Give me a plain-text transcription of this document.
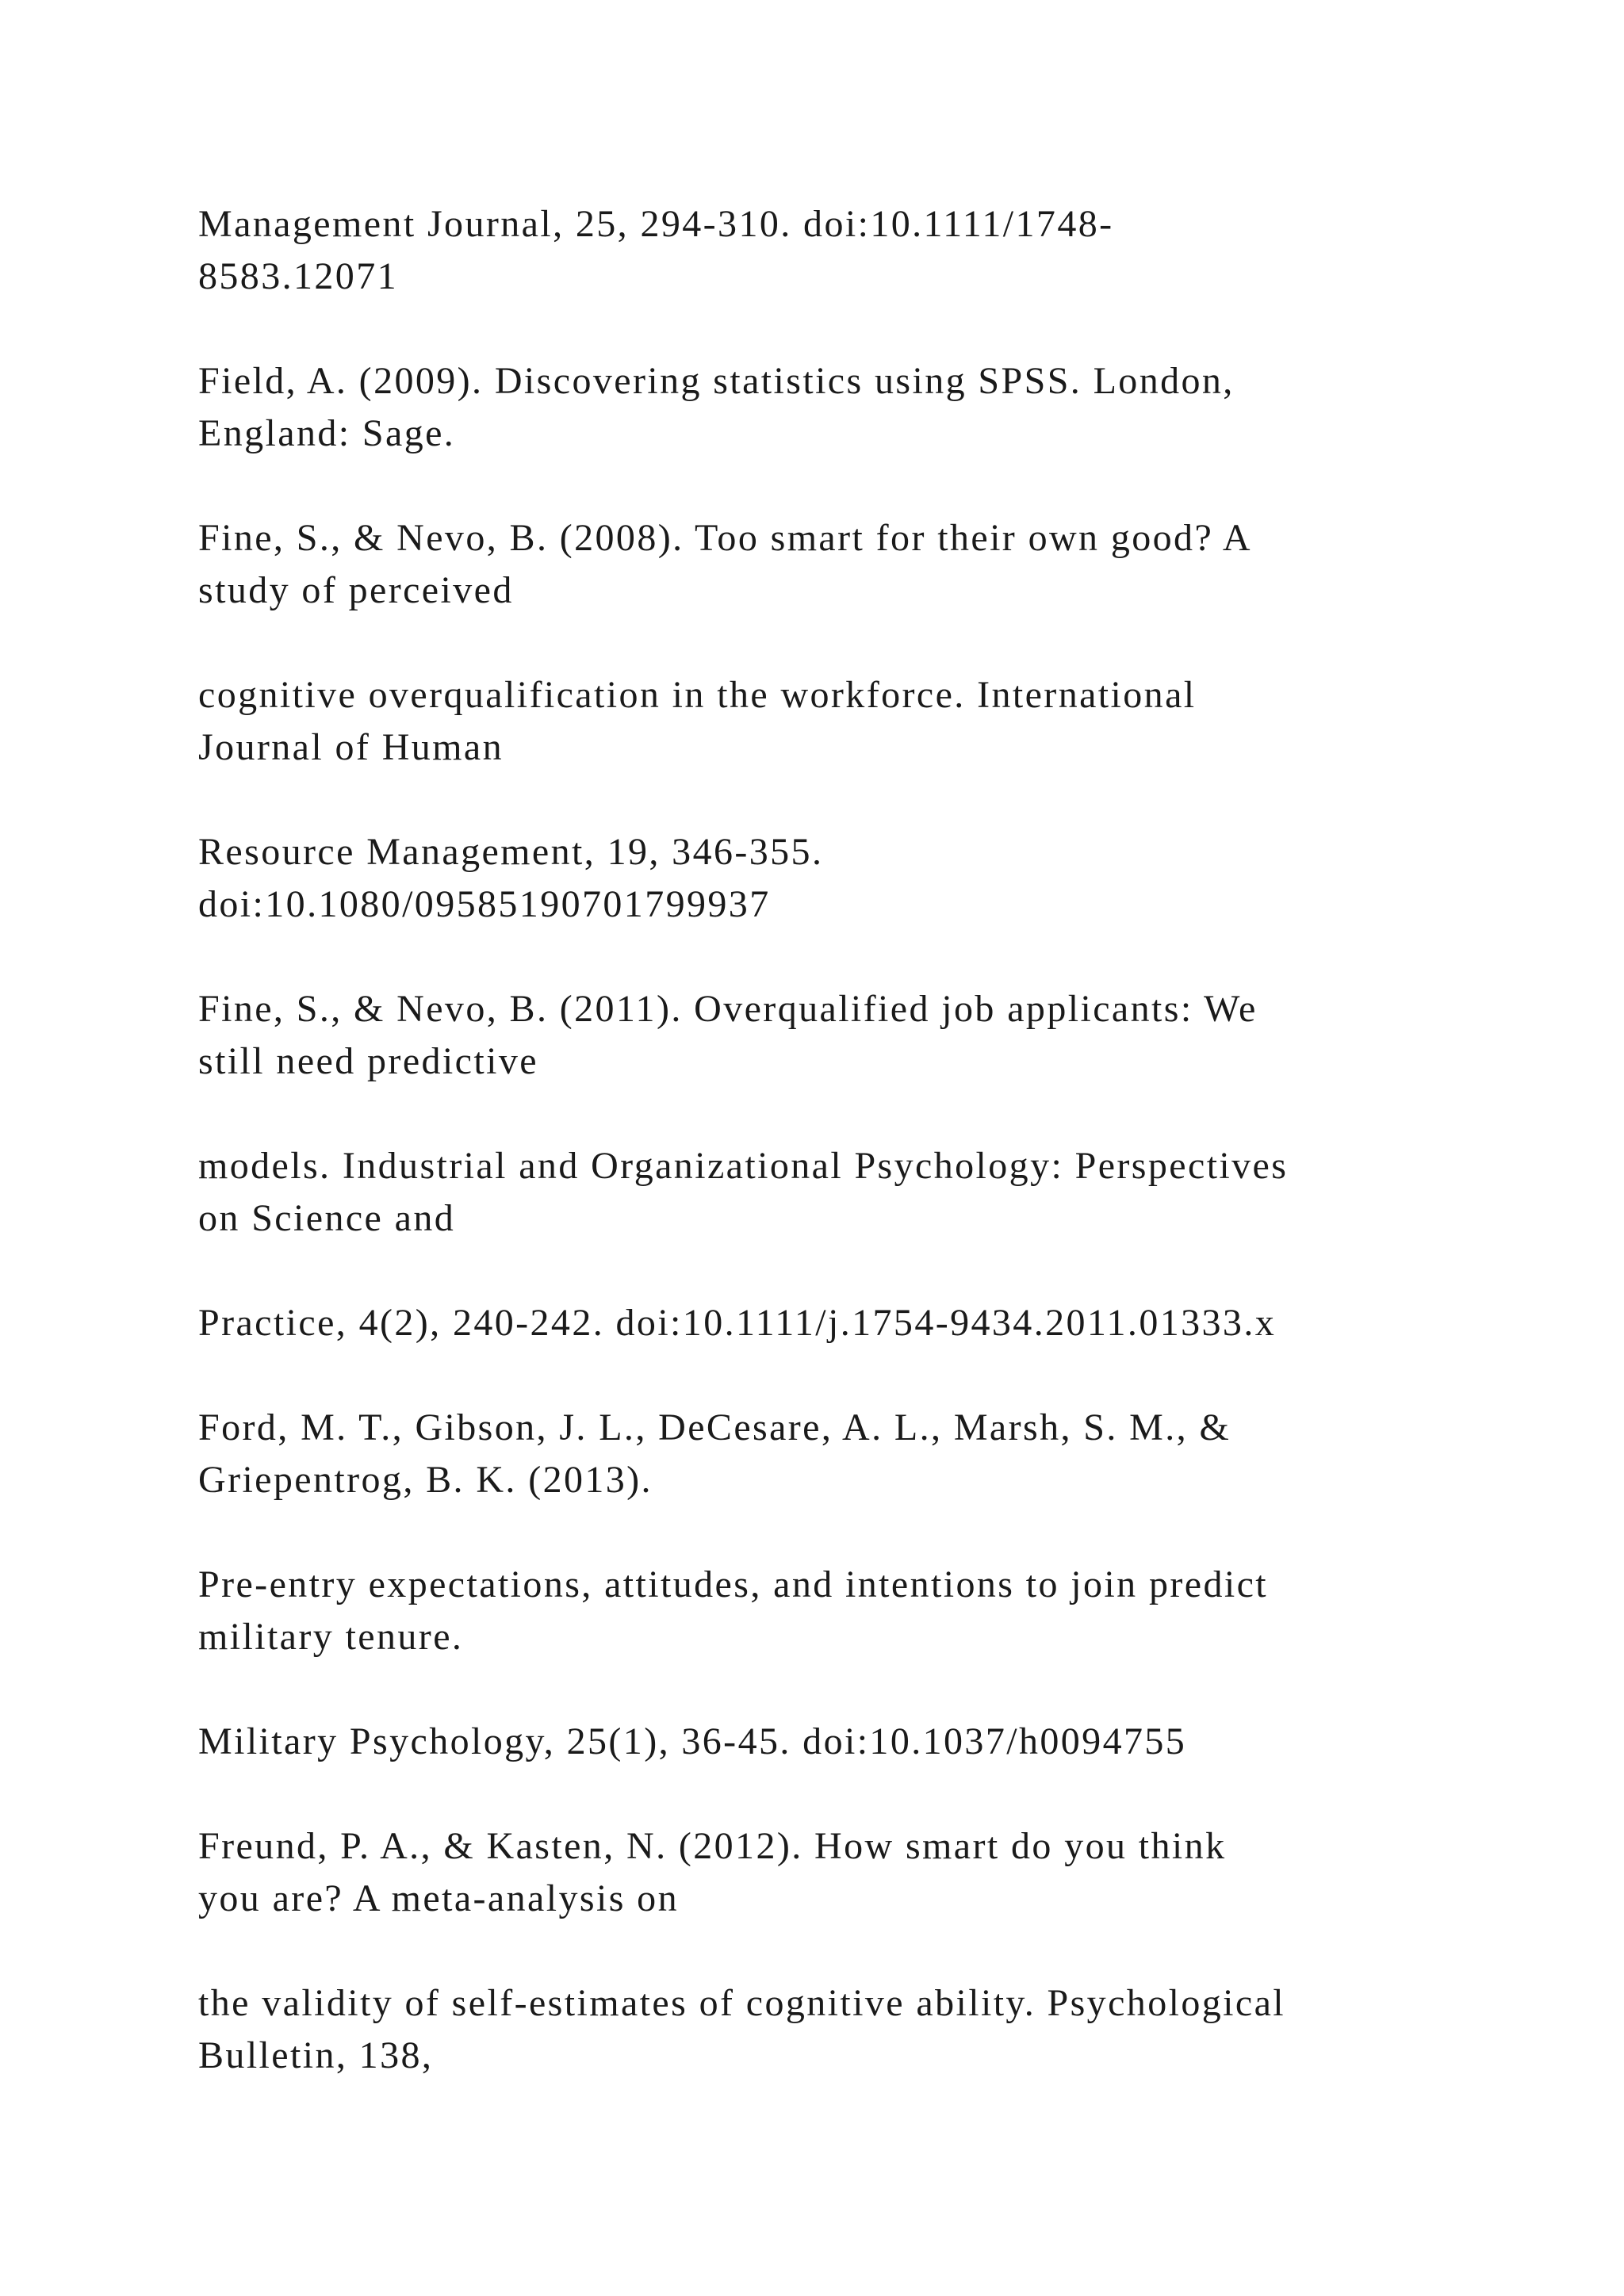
Management Journal, 25, 294-310. doi:10.1111/1748-
8583.12071

Field, A. (2009). Discovering statistics using SPSS. London,
England: Sage.

Fine, S., & Nevo, B. (2008). Too smart for their own good? A
study of perceived

cognitive overqualification in the workforce. International
Journal of Human

Resource Management, 19, 346-355.
doi:10.1080/09585190701799937

Fine, S., & Nevo, B. (2011). Overqualified job applicants: We
still need predictive

models. Industrial and Organizational Psychology: Perspectives
on Science and

Practice, 4(2), 240-242. doi:10.1111/j.1754-9434.2011.01333.x

Ford, M. T., Gibson, J. L., DeCesare, A. L., Marsh, S. M., &
Griepentrog, B. K. (2013).

Pre-entry expectations, attitudes, and intentions to join predict
military tenure.

Military Psychology, 25(1), 36-45. doi:10.1037/h0094755

Freund, P. A., & Kasten, N. (2012). How smart do you think
you are? A meta-analysis on

the validity of self-estimates of cognitive ability. Psychological
Bulletin, 138,
